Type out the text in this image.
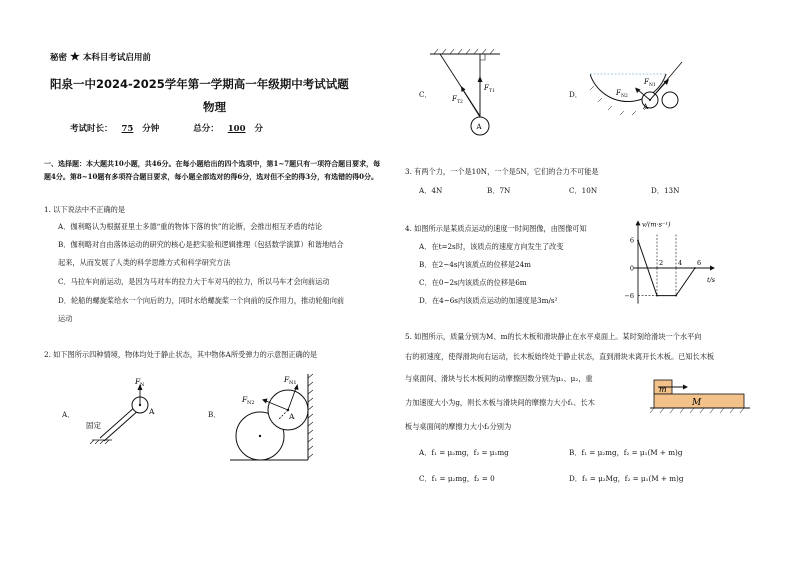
秘密 ★ 本科目考试启用前
阳泉一中2024-2025学年第一学期高一年级期中考试试题
物理
考试时长： 75 分钟	总分： 100 分
一、选择题：本大题共10小题，共46分。在每小题给出的四个选项中，第1~7题只有一项符合题目要求，每题4分。第8~10题有多项符合题目要求，每小题全部选对的得6分，选对但不全的得3分，有选错的得0分。
1. 以下说法中不正确的是
A．伽利略认为根据亚里士多德“重的物体下落的快”的论断，会推出相互矛盾的结论
B．伽利略对自由落体运动的研究的核心是把实验和逻辑推理（包括数学演算）和谐地结合
起来，从而发展了人类的科学思维方式和科学研究方法
C．马拉车向前运动，是因为马对车的拉力大于车对马的拉力，所以马车才会向前运动
D．轮船的螺旋桨给水一个向后的力，同时水给螺旋桨一个向前的反作用力，推动轮船向前
运动
2. 如下图所示四种情境，物体均处于静止状态，其中物体A所受弹力的示意图正确的是
A．
固定
A
F N
B．	A
F N2
F N1
C．
A
F T1
F T2
D．
A
F N2
F N1
3. 有两个力，一个是10N，一个是5N，它们的合力不可能是
A．4N	B．7N	C．10N	D．13N
4. 如图所示是某质点运动的速度一时间图像，由图像可知
A．在t=2s时，该质点的速度方向发生了改变
B．在2~4s内该质点的位移是24m
C．在0~2s内该质点的位移是6m
D．在4~6s内该质点运动的加速度是3m/s²
v/(m·s⁻¹)
t/s
2 4 6
6
0
−6
5. 如图所示，质量分别为M、m的长木板和滑块静止在水平桌面上。某时刻给滑块一个水平向
右的初速度，使得滑块向右运动，长木板始终处于静止状态，直到滑块未离开长木板。已知长木板
与桌面间、滑块与长木板间的动摩擦因数分别为μ₁、μ₂，重
力加速度大小为g，则长木板与滑块间的摩擦力大小f₁、长木
板与桌面间的摩擦力大小f₂分别为
m
M
A．f₁ = μ₂mg，f₂ = μ₁mg	B．f₁ = μ₂mg，f₂ = μ₁(M + m)g
C．f₁ = μ₂mg，f₂ = 0	D．f₁ = μ₂Mg，f₂ = μ₁(M + m)g
